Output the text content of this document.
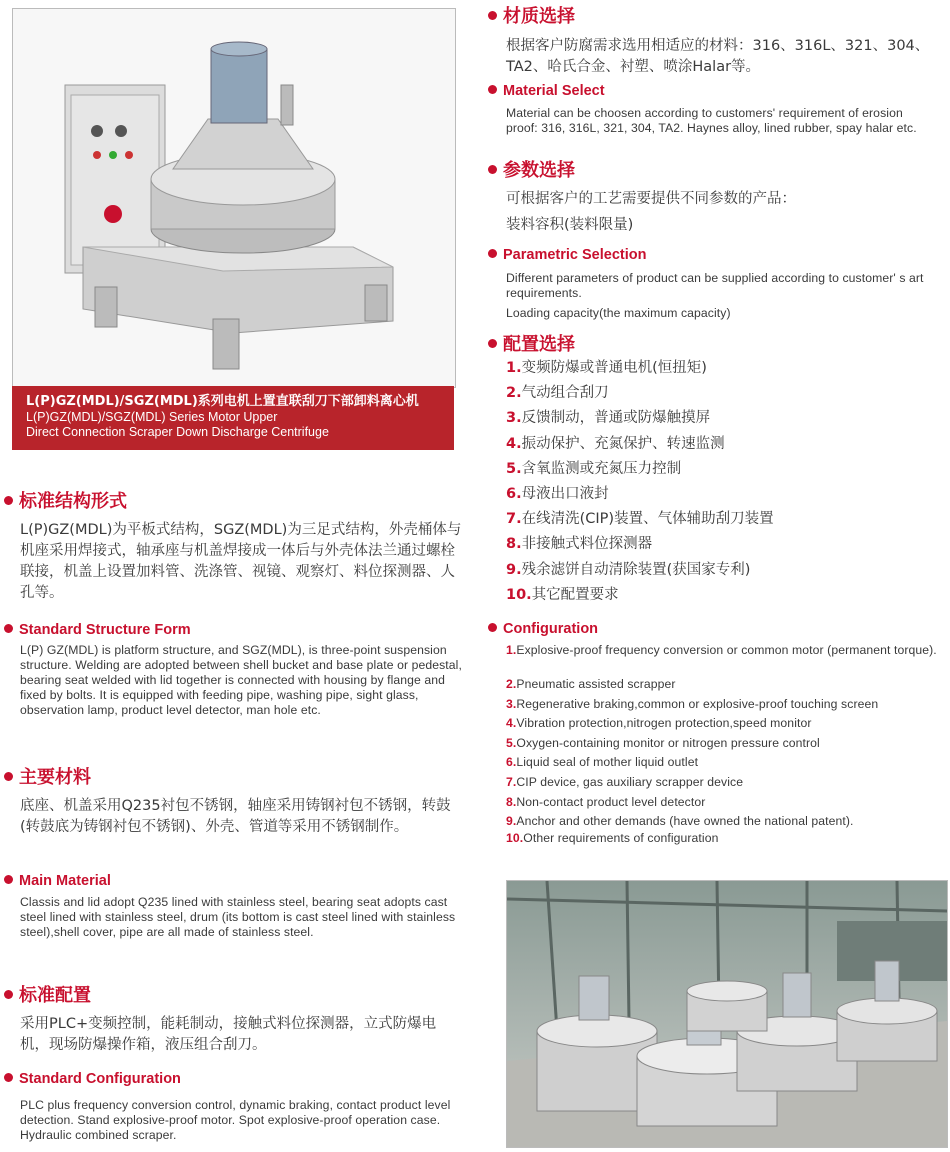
L(P)GZ(MDL)/SGZ(MDL)系列电机上置直联刮刀下部卸料离心机
L(P)GZ(MDL)/SGZ(MDL) Series Motor Upper
Direct Connection Scraper Down Discharge Centrifuge
标准结构形式
L(P)GZ(MDL)为平板式结构，SGZ(MDL)为三足式结构，外壳桶体与机座采用焊接式，轴承座与机盖焊接成一体后与外壳体法兰通过螺栓联接，机盖上设置加料管、洗涤管、视镜、观察灯、料位探测器、人孔等。
Standard Structure Form
L(P) GZ(MDL) is platform structure, and SGZ(MDL), is three-point suspension structure. Welding are adopted between shell bucket and base plate or pedestal, bearing seat welded with lid together is connected with housing by flange and fixed by bolts. It is equipped with feeding pipe, washing pipe, sight glass, observation lamp, product level detector, man hole etc.
主要材料
底座、机盖采用Q235衬包不锈钢，轴座采用铸钢衬包不锈钢，转鼓(转鼓底为铸钢衬包不锈钢)、外壳、管道等采用不锈钢制作。
Main Material
Classis and lid adopt Q235 lined with stainless steel, bearing seat adopts cast steel lined with stainless steel, drum (its bottom is cast steel lined with stainless steel),shell cover, pipe are all made of stainless steel.
标准配置
采用PLC+变频控制，能耗制动，接触式料位探测器，立式防爆电机，现场防爆操作箱，液压组合刮刀。
Standard Configuration
PLC plus frequency conversion control, dynamic braking, contact product level detection. Stand explosive-proof motor. Spot explosive-proof operation case. Hydraulic combined scraper.
材质选择
根据客户防腐需求选用相适应的材料：316、316L、321、304、TA2、哈氏合金、衬塑、喷涂Halar等。
Material Select
Material can be choosen according to customers' requirement of erosion proof: 316, 316L, 321, 304, TA2. Haynes alloy, lined rubber, spay halar etc.
参数选择
可根据客户的工艺需要提供不同参数的产品：
装料容积(装料限量)
Parametric Selection
Different parameters of product can be supplied according to customer' s art requirements.
Loading capacity(the maximum capacity)
配置选择
1.变频防爆或普通电机(恒扭矩)
2.气动组合刮刀
3.反馈制动，普通或防爆触摸屏
4.振动保护、充氮保护、转速监测
5.含氧监测或充氮压力控制
6.母液出口液封
7.在线清洗(CIP)装置、气体辅助刮刀装置
8.非接触式料位探测器
9.残余滤饼自动清除装置(获国家专利)
10.其它配置要求
Configuration
1.Explosive-proof frequency conversion or common motor (permanent torque).
2.Pneumatic assisted scrapper
3.Regenerative braking,common or explosive-proof touching screen
4.Vibration protection,nitrogen protection,speed monitor
5.Oxygen-containing monitor or nitrogen pressure control
6.Liquid seal of mother liquid outlet
7.CIP device, gas auxiliary scrapper device
8.Non-contact product level detector
9.Anchor and other demands (have owned the national patent).
10.Other requirements of configuration
